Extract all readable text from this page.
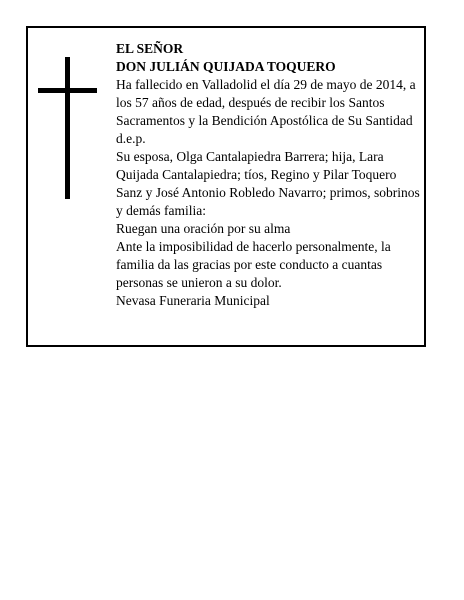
EL SEÑOR

DON JULIÁN QUIJADA TOQUERO

Ha fallecido en Valladolid el día 29 de mayo de 2014, a los 57 años de edad, después de recibir los Santos Sacramentos y la Bendición Apostólica de Su Santidad d.e.p.

Su esposa, Olga Cantalapiedra Barrera; hija, Lara Quijada Cantalapiedra; tíos, Regino y Pilar Toquero Sanz y José Antonio Robledo Navarro; primos, sobrinos y demás familia:

Ruegan una oración por su alma

Ante la imposibilidad de hacerlo personalmente, la familia da las gracias por este conducto a cuantas personas se unieron a su dolor.

Nevasa Funeraria Municipal
